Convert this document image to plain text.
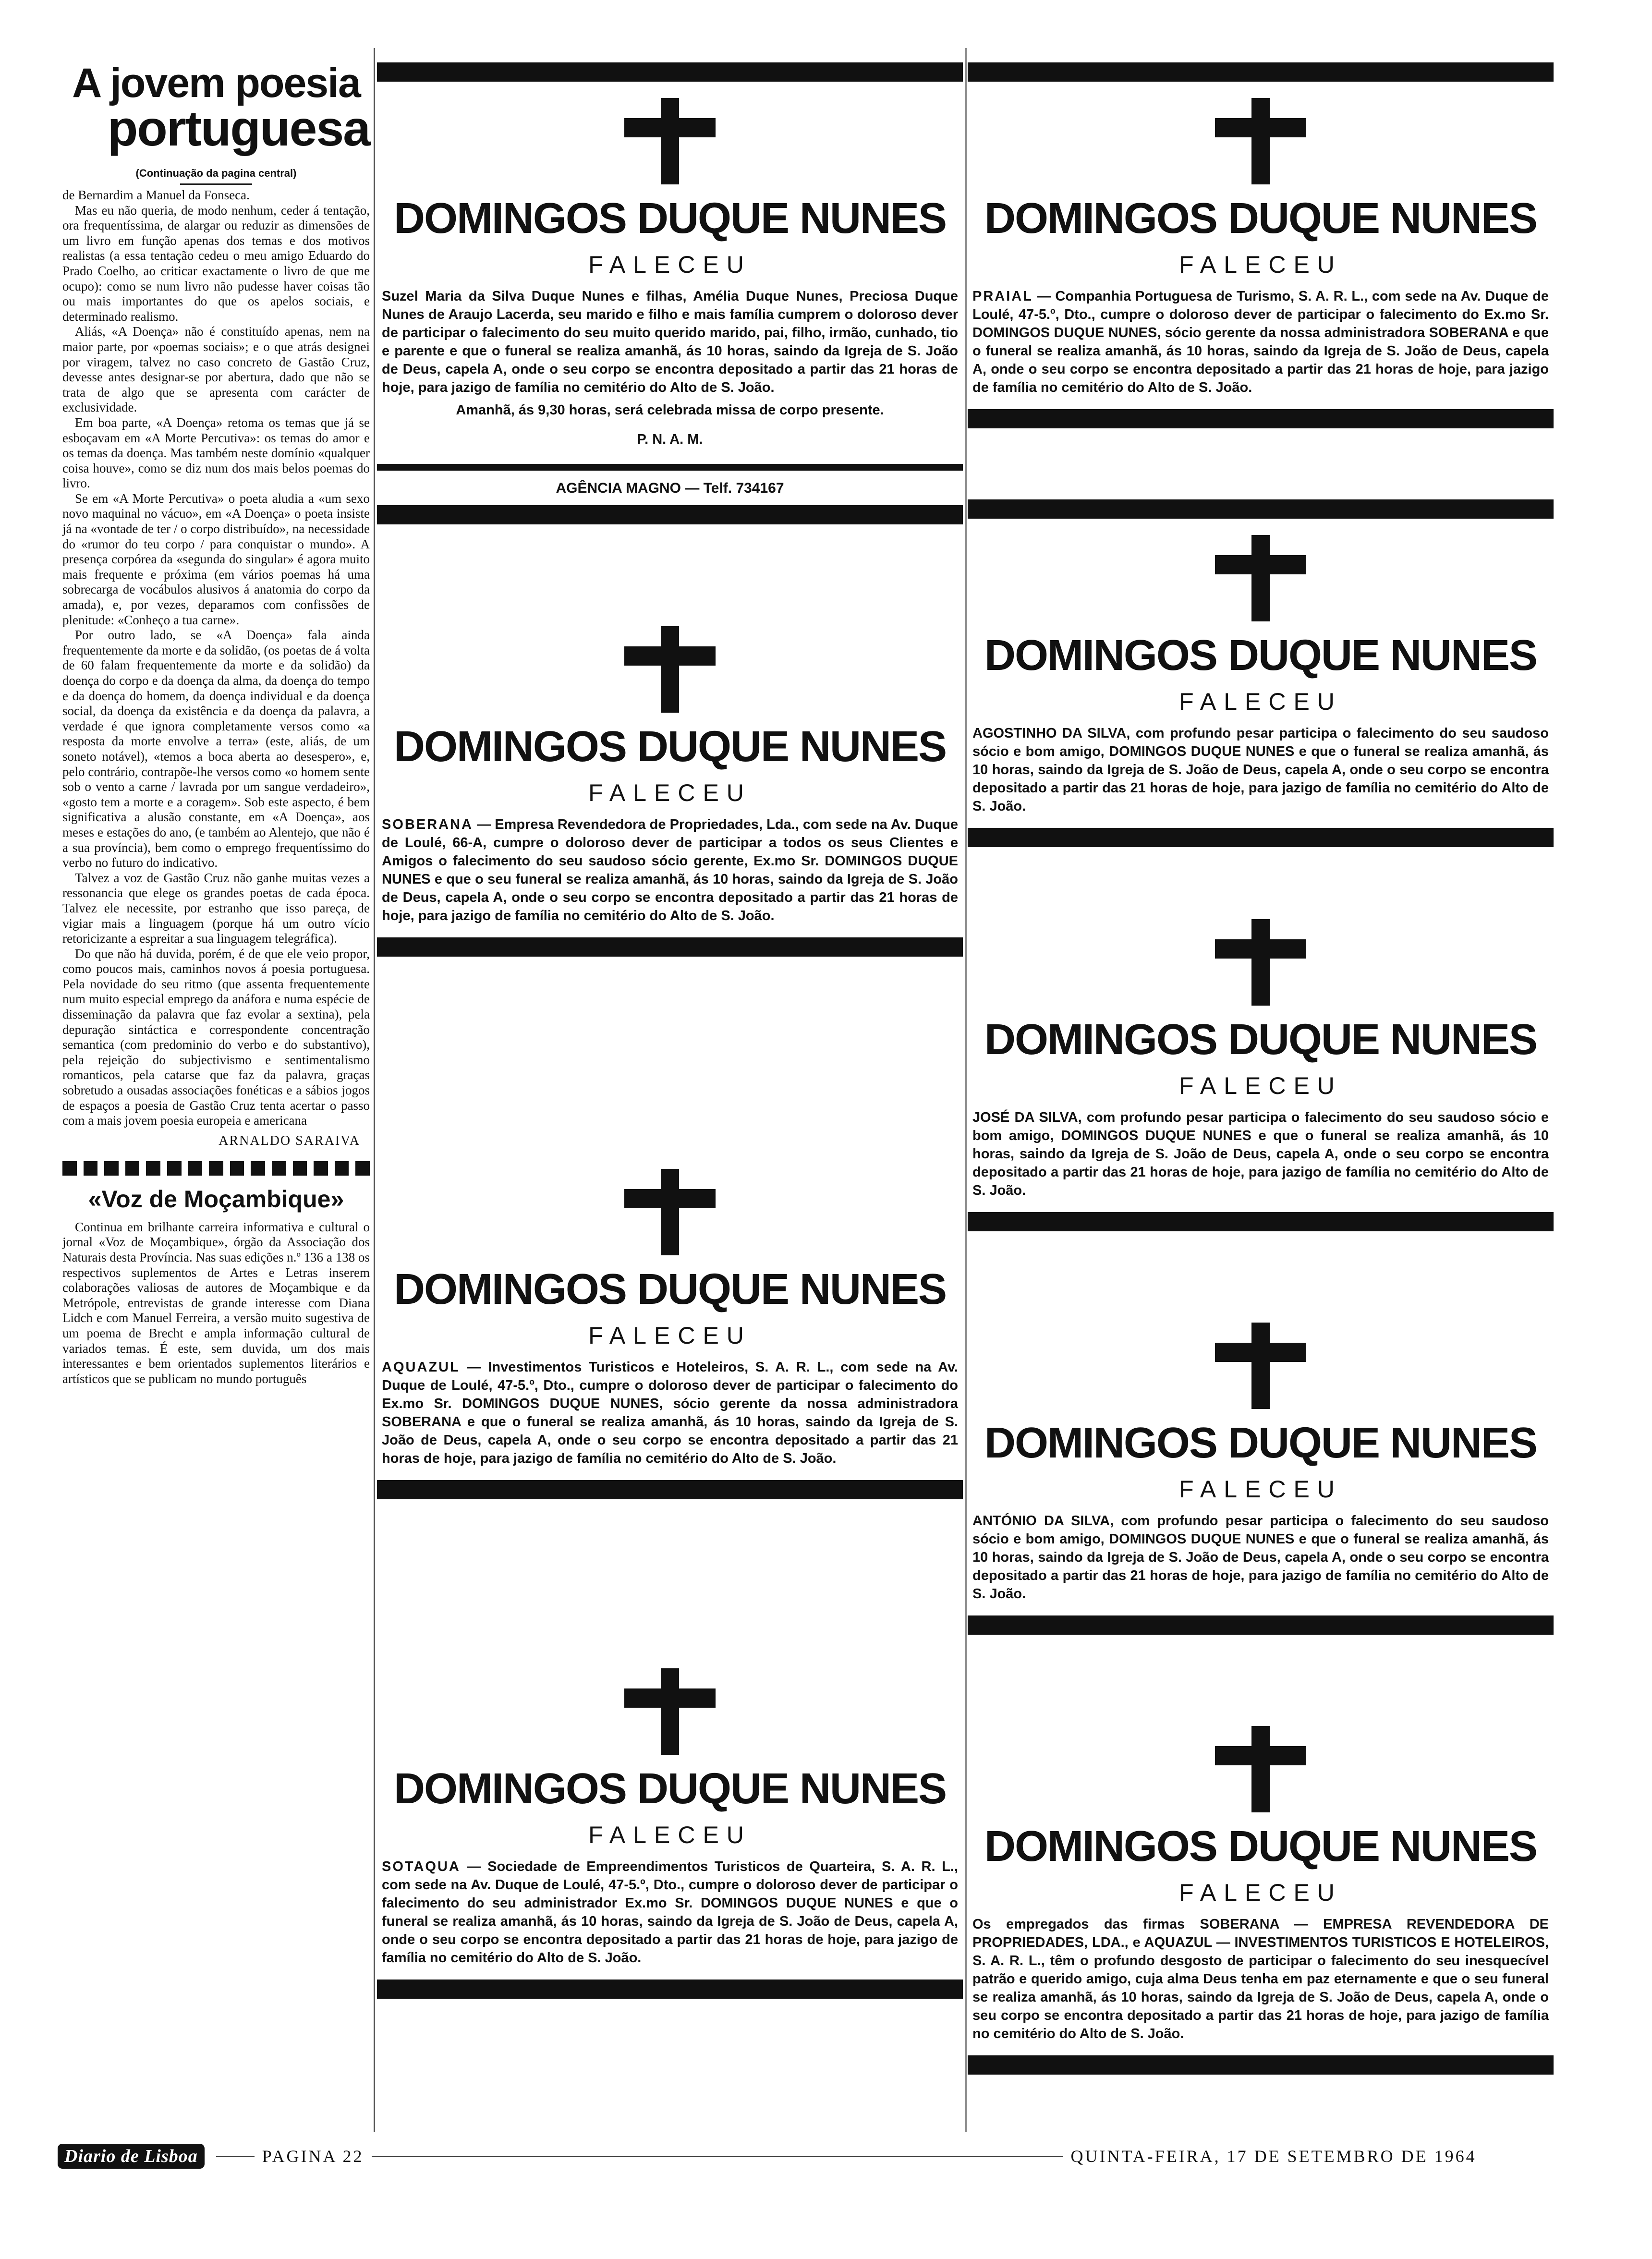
A jovem poesia
portuguesa
(Continuação da pagina central)

de Bernardim a Manuel da Fonseca.

Mas eu não queria, de modo nenhum, ceder á tentação, ora frequentíssima, de alargar ou reduzir as dimensões de um livro em função apenas dos temas e dos motivos realistas (a essa tentação cedeu o meu amigo Eduardo do Prado Coelho, ao criticar exactamente o livro de que me ocupo): como se num livro não pudesse haver coisas tão ou mais importantes do que os apelos sociais, e determinado realismo.

Aliás, «A Doença» não é constituído apenas, nem na maior parte, por «poemas sociais»; e o que atrás designei por viragem, talvez no caso concreto de Gastão Cruz, devesse antes designar-se por abertura, dado que não se trata de algo que se apresenta com carácter de exclusividade.

Em boa parte, «A Doença» retoma os temas que já se esboçavam em «A Morte Percutiva»: os temas do amor e os temas da doença. Mas também neste domínio «qualquer coisa houve», como se diz num dos mais belos poemas do livro.

Se em «A Morte Percutiva» o poeta aludia a «um sexo novo maquinal no vácuo», em «A Doença» o poeta insiste já na «vontade de ter / o corpo distribuído», na necessidade do «rumor do teu corpo / para conquistar o mundo». A presença corpórea da «segunda do singular» é agora muito mais frequente e próxima (em vários poemas há uma sobrecarga de vocábulos alusivos á anatomia do corpo da amada), e, por vezes, deparamos com confissões de plenitude: «Conheço a tua carne».

Por outro lado, se «A Doença» fala ainda frequentemente da morte e da solidão, (os poetas de á volta de 60 falam frequentemente da morte e da solidão) da doença do corpo e da doença da alma, da doença do tempo e da doença do homem, da doença individual e da doença social, da doença da existência e da doença da palavra, a verdade é que ignora completamente versos como «a resposta da morte envolve a terra» (este, aliás, de um soneto notável), «temos a boca aberta ao desespero», e, pelo contrário, contrapõe-lhe versos como «o homem sente sob o vento a carne / lavrada por um sangue verdadeiro», «gosto tem a morte e a coragem». Sob este aspecto, é bem significativa a alusão constante, em «A Doença», aos meses e estações do ano, (e também ao Alentejo, que não é a sua província), bem como o emprego frequentíssimo do verbo no futuro do indicativo.

Talvez a voz de Gastão Cruz não ganhe muitas vezes a ressonancia que elege os grandes poetas de cada época. Talvez ele necessite, por estranho que isso pareça, de vigiar mais a linguagem (porque há um outro vício retoricizante a espreitar a sua linguagem telegráfica).

Do que não há duvida, porém, é de que ele veio propor, como poucos mais, caminhos novos á poesia portuguesa. Pela novidade do seu ritmo (que assenta frequentemente num muito especial emprego da anáfora e numa espécie de disseminação da palavra que faz evolar a sextina), pela depuração sintáctica e correspondente concentração semantica (com predominio do verbo e do substantivo), pela rejeição do subjectivismo e sentimentalismo romanticos, pela catarse que faz da palavra, graças sobretudo a ousadas associações fonéticas e a sábios jogos de espaços a poesia de Gastão Cruz tenta acertar o passo com a mais jovem poesia europeia e americana

ARNALDO SARAIVA
«Voz de Moçambique»

Continua em brilhante carreira informativa e cultural o jornal «Voz de Moçambique», órgão da Associação dos Naturais desta Província. Nas suas edições n.º 136 a 138 os respectivos suplementos de Artes e Letras inserem colaborações valiosas de autores de Moçambique e da Metrópole, entrevistas de grande interesse com Diana Lidch e com Manuel Ferreira, a versão muito sugestiva de um poema de Brecht e ampla informação cultural de variados temas. É este, sem duvida, um dos mais interessantes e bem orientados suplementos literários e artísticos que se publicam no mundo português

DOMINGOS DUQUE NUNES
FALECEU
Suzel Maria da Silva Duque Nunes e filhas, Amélia Duque Nunes, Preciosa Duque Nunes de Araujo Lacerda, seu marido e filho e mais família cumprem o doloroso dever de participar o falecimento do seu muito querido marido, pai, filho, irmão, cunhado, tio e parente e que o funeral se realiza amanhã, ás 10 horas, saindo da Igreja de S. João de Deus, capela A, onde o seu corpo se encontra depositado a partir das 21 horas de hoje, para jazigo de família no cemitério do Alto de S. João.
Amanhã, ás 9,30 horas, será celebrada missa de corpo presente.
P. N. A. M.
AGÊNCIA MAGNO — Telf. 734167
DOMINGOS DUQUE NUNES
FALECEU
PRAIAL — Companhia Portuguesa de Turismo, S. A. R. L., com sede na Av. Duque de Loulé, 47-5.º, Dto., cumpre o doloroso dever de participar o falecimento do Ex.mo Sr. DOMINGOS DUQUE NUNES, sócio gerente da nossa administradora SOBERANA e que o funeral se realiza amanhã, ás 10 horas, saindo da Igreja de S. João de Deus, capela A, onde o seu corpo se encontra depositado a partir das 21 horas de hoje, para jazigo de família no cemitério do Alto de S. João.
DOMINGOS DUQUE NUNES
FALECEU
AGOSTINHO DA SILVA, com profundo pesar participa o falecimento do seu saudoso sócio e bom amigo, DOMINGOS DUQUE NUNES e que o funeral se realiza amanhã, ás 10 horas, saindo da Igreja de S. João de Deus, capela A, onde o seu corpo se encontra depositado a partir das 21 horas de hoje, para jazigo de família no cemitério do Alto de S. João.
DOMINGOS DUQUE NUNES
FALECEU
SOBERANA — Empresa Revendedora de Propriedades, Lda., com sede na Av. Duque de Loulé, 66-A, cumpre o doloroso dever de participar a todos os seus Clientes e Amigos o falecimento do seu saudoso sócio gerente, Ex.mo Sr. DOMINGOS DUQUE NUNES e que o seu funeral se realiza amanhã, ás 10 horas, saindo da Igreja de S. João de Deus, capela A, onde o seu corpo se encontra depositado a partir das 21 horas de hoje, para jazigo de família no cemitério do Alto de S. João.
DOMINGOS DUQUE NUNES
FALECEU
JOSÉ DA SILVA, com profundo pesar participa o falecimento do seu saudoso sócio e bom amigo, DOMINGOS DUQUE NUNES e que o funeral se realiza amanhã, ás 10 horas, saindo da Igreja de S. João de Deus, capela A, onde o seu corpo se encontra depositado a partir das 21 horas de hoje, para jazigo de família no cemitério do Alto de S. João.
DOMINGOS DUQUE NUNES
FALECEU
AQUAZUL — Investimentos Turisticos e Hoteleiros, S. A. R. L., com sede na Av. Duque de Loulé, 47-5.º, Dto., cumpre o doloroso dever de participar o falecimento do Ex.mo Sr. DOMINGOS DUQUE NUNES, sócio gerente da nossa administradora SOBERANA e que o funeral se realiza amanhã, ás 10 horas, saindo da Igreja de S. João de Deus, capela A, onde o seu corpo se encontra depositado a partir das 21 horas de hoje, para jazigo de família no cemitério do Alto de S. João.	DOMINGOS DUQUE NUNES
FALECEU
ANTÓNIO DA SILVA, com profundo pesar participa o falecimento do seu saudoso sócio e bom amigo, DOMINGOS DUQUE NUNES e que o funeral se realiza amanhã, ás 10 horas, saindo da Igreja de S. João de Deus, capela A, onde o seu corpo se encontra depositado a partir das 21 horas de hoje, para jazigo de família no cemitério do Alto de S. João.
DOMINGOS DUQUE NUNES
FALECEU
SOTAQUA — Sociedade de Empreendimentos Turisticos de Quarteira, S. A. R. L., com sede na Av. Duque de Loulé, 47-5.º, Dto., cumpre o doloroso dever de participar o falecimento do seu administrador Ex.mo Sr. DOMINGOS DUQUE NUNES e que o funeral se realiza amanhã, ás 10 horas, saindo da Igreja de S. João de Deus, capela A, onde o seu corpo se encontra depositado a partir das 21 horas de hoje, para jazigo de família no cemitério do Alto de S. João.
DOMINGOS DUQUE NUNES
FALECEU
Os empregados das firmas SOBERANA — EMPRESA REVENDEDORA DE PROPRIEDADES, LDA., e AQUAZUL — INVESTIMENTOS TURISTICOS E HOTELEIROS, S. A. R. L., têm o profundo desgosto de participar o falecimento do seu inesquecível patrão e querido amigo, cuja alma Deus tenha em paz eternamente e que o seu funeral se realiza amanhã, ás 10 horas, saindo da Igreja de S. João de Deus, capela A, onde o seu corpo se encontra depositado a partir das 21 horas de hoje, para jazigo de família no cemitério do Alto de S. João.
Diario de Lisboa	PAGINA 22	QUINTA-FEIRA, 17 DE SETEMBRO DE 1964
